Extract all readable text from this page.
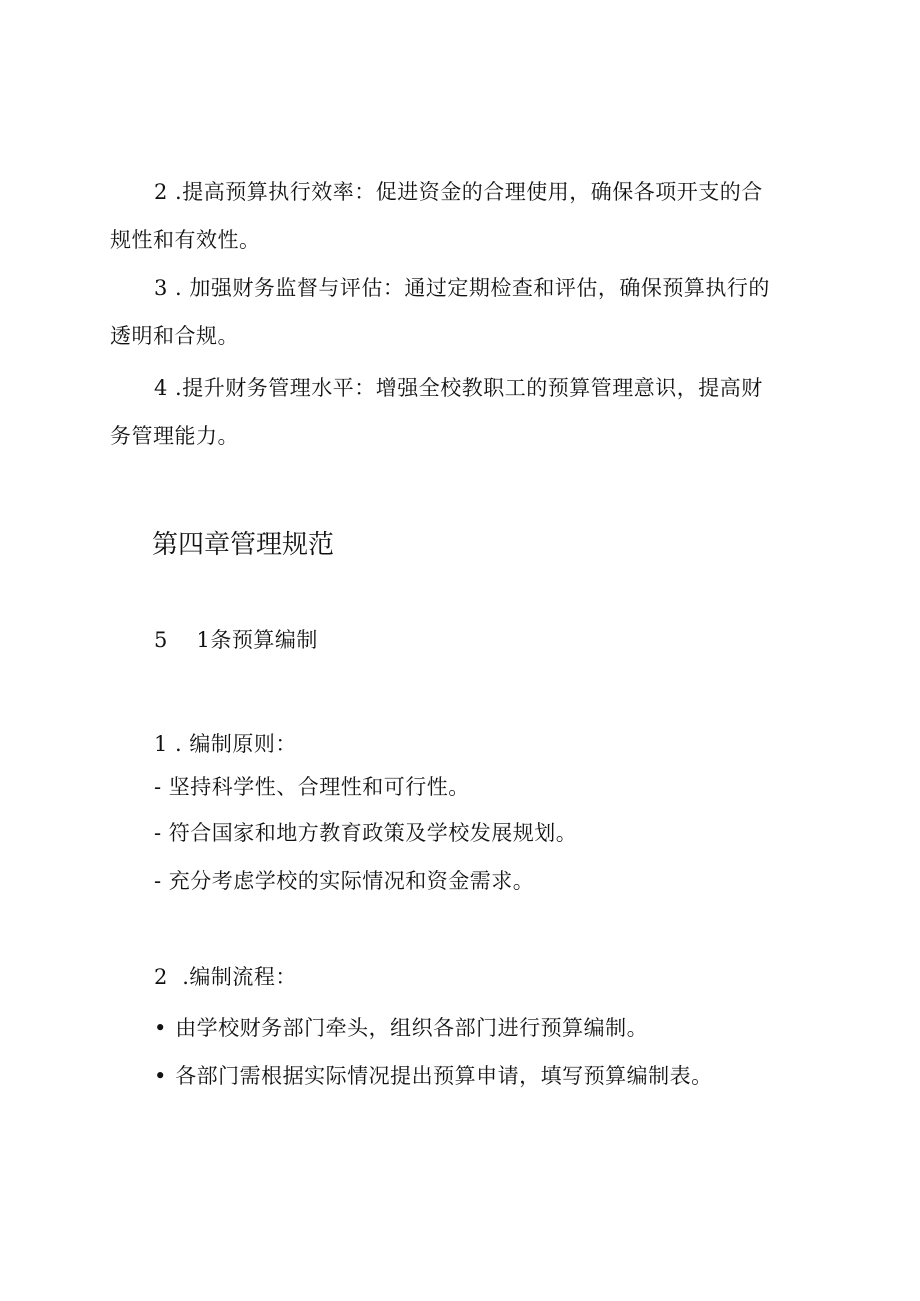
2 .提高预算执行效率：促进资金的合理使用，确保各项开支的合
规性和有效性。
3 . 加强财务监督与评估：通过定期检查和评估，确保预算执行的
透明和合规。
4 .提升财务管理水平：增强全校教职工的预算管理意识，提高财
务管理能力。
第四章管理规范
5    1条预算编制
1 . 编制原则：
- 坚持科学性、合理性和可行性。
- 符合国家和地方教育政策及学校发展规划。
- 充分考虑学校的实际情况和资金需求。
2  .编制流程：
• 由学校财务部门牵头，组织各部门进行预算编制。
• 各部门需根据实际情况提出预算申请，填写预算编制表。
